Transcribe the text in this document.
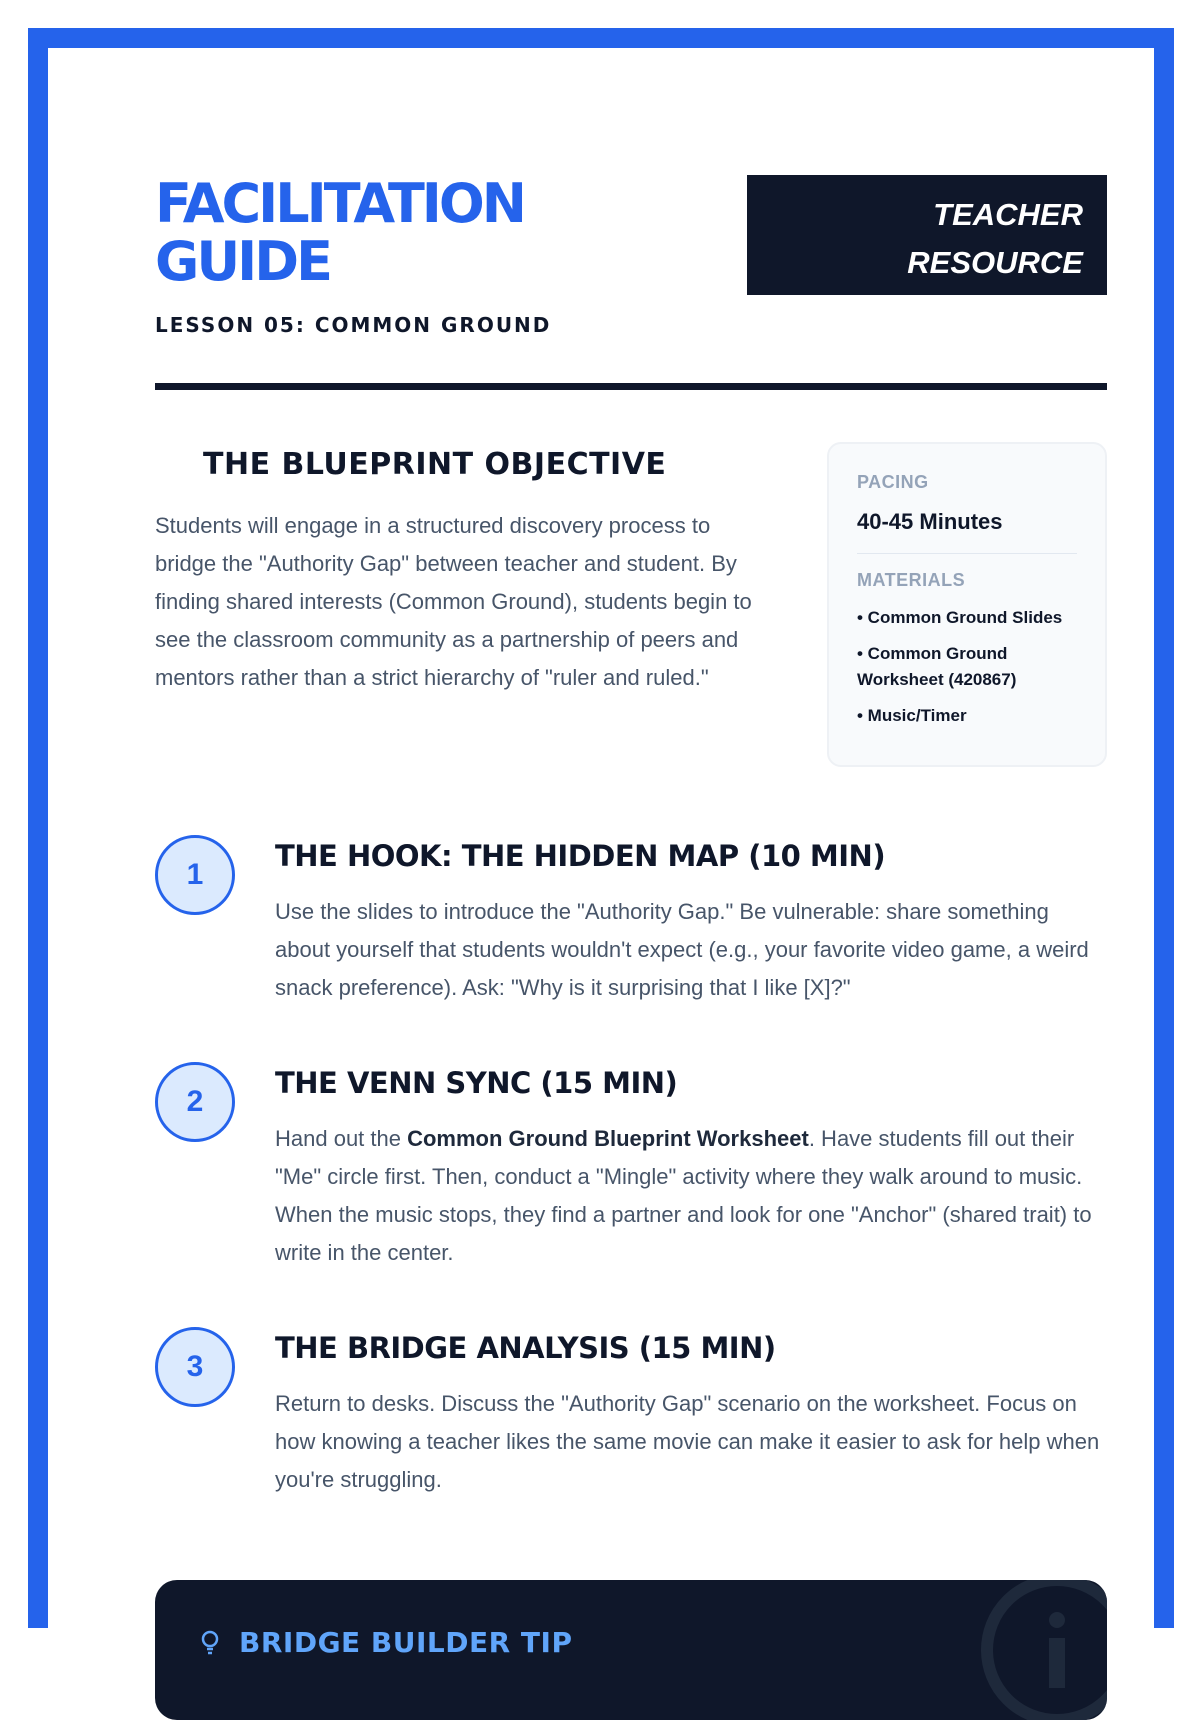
FACILITATION
GUIDE
LESSON 05: COMMON GROUND
TEACHER
RESOURCE
THE BLUEPRINT OBJECTIVE

Students will engage in a structured discovery process to bridge the "Authority Gap" between teacher and student. By finding shared interests (Common Ground), students begin to see the classroom community as a partnership of peers and mentors rather than a strict hierarchy of "ruler and ruled."

PACING
40-45 Minutes
MATERIALS
• Common Ground Slides
• Common Ground Worksheet (420867)
• Music/Timer
1
THE HOOK: THE HIDDEN MAP (10 MIN)

Use the slides to introduce the "Authority Gap." Be vulnerable: share something about yourself that students wouldn't expect (e.g., your favorite video game, a weird snack preference). Ask: "Why is it surprising that I like [X]?"

2
THE VENN SYNC (15 MIN)

Hand out the Common Ground Blueprint Worksheet. Have students fill out their "Me" circle first. Then, conduct a "Mingle" activity where they walk around to music. When the music stops, they find a partner and look for one "Anchor" (shared trait) to write in the center.

3
THE BRIDGE ANALYSIS (15 MIN)

Return to desks. Discuss the "Authority Gap" scenario on the worksheet. Focus on how knowing a teacher likes the same movie can make it easier to ask for help when you're struggling.

BRIDGE BUILDER TIP
